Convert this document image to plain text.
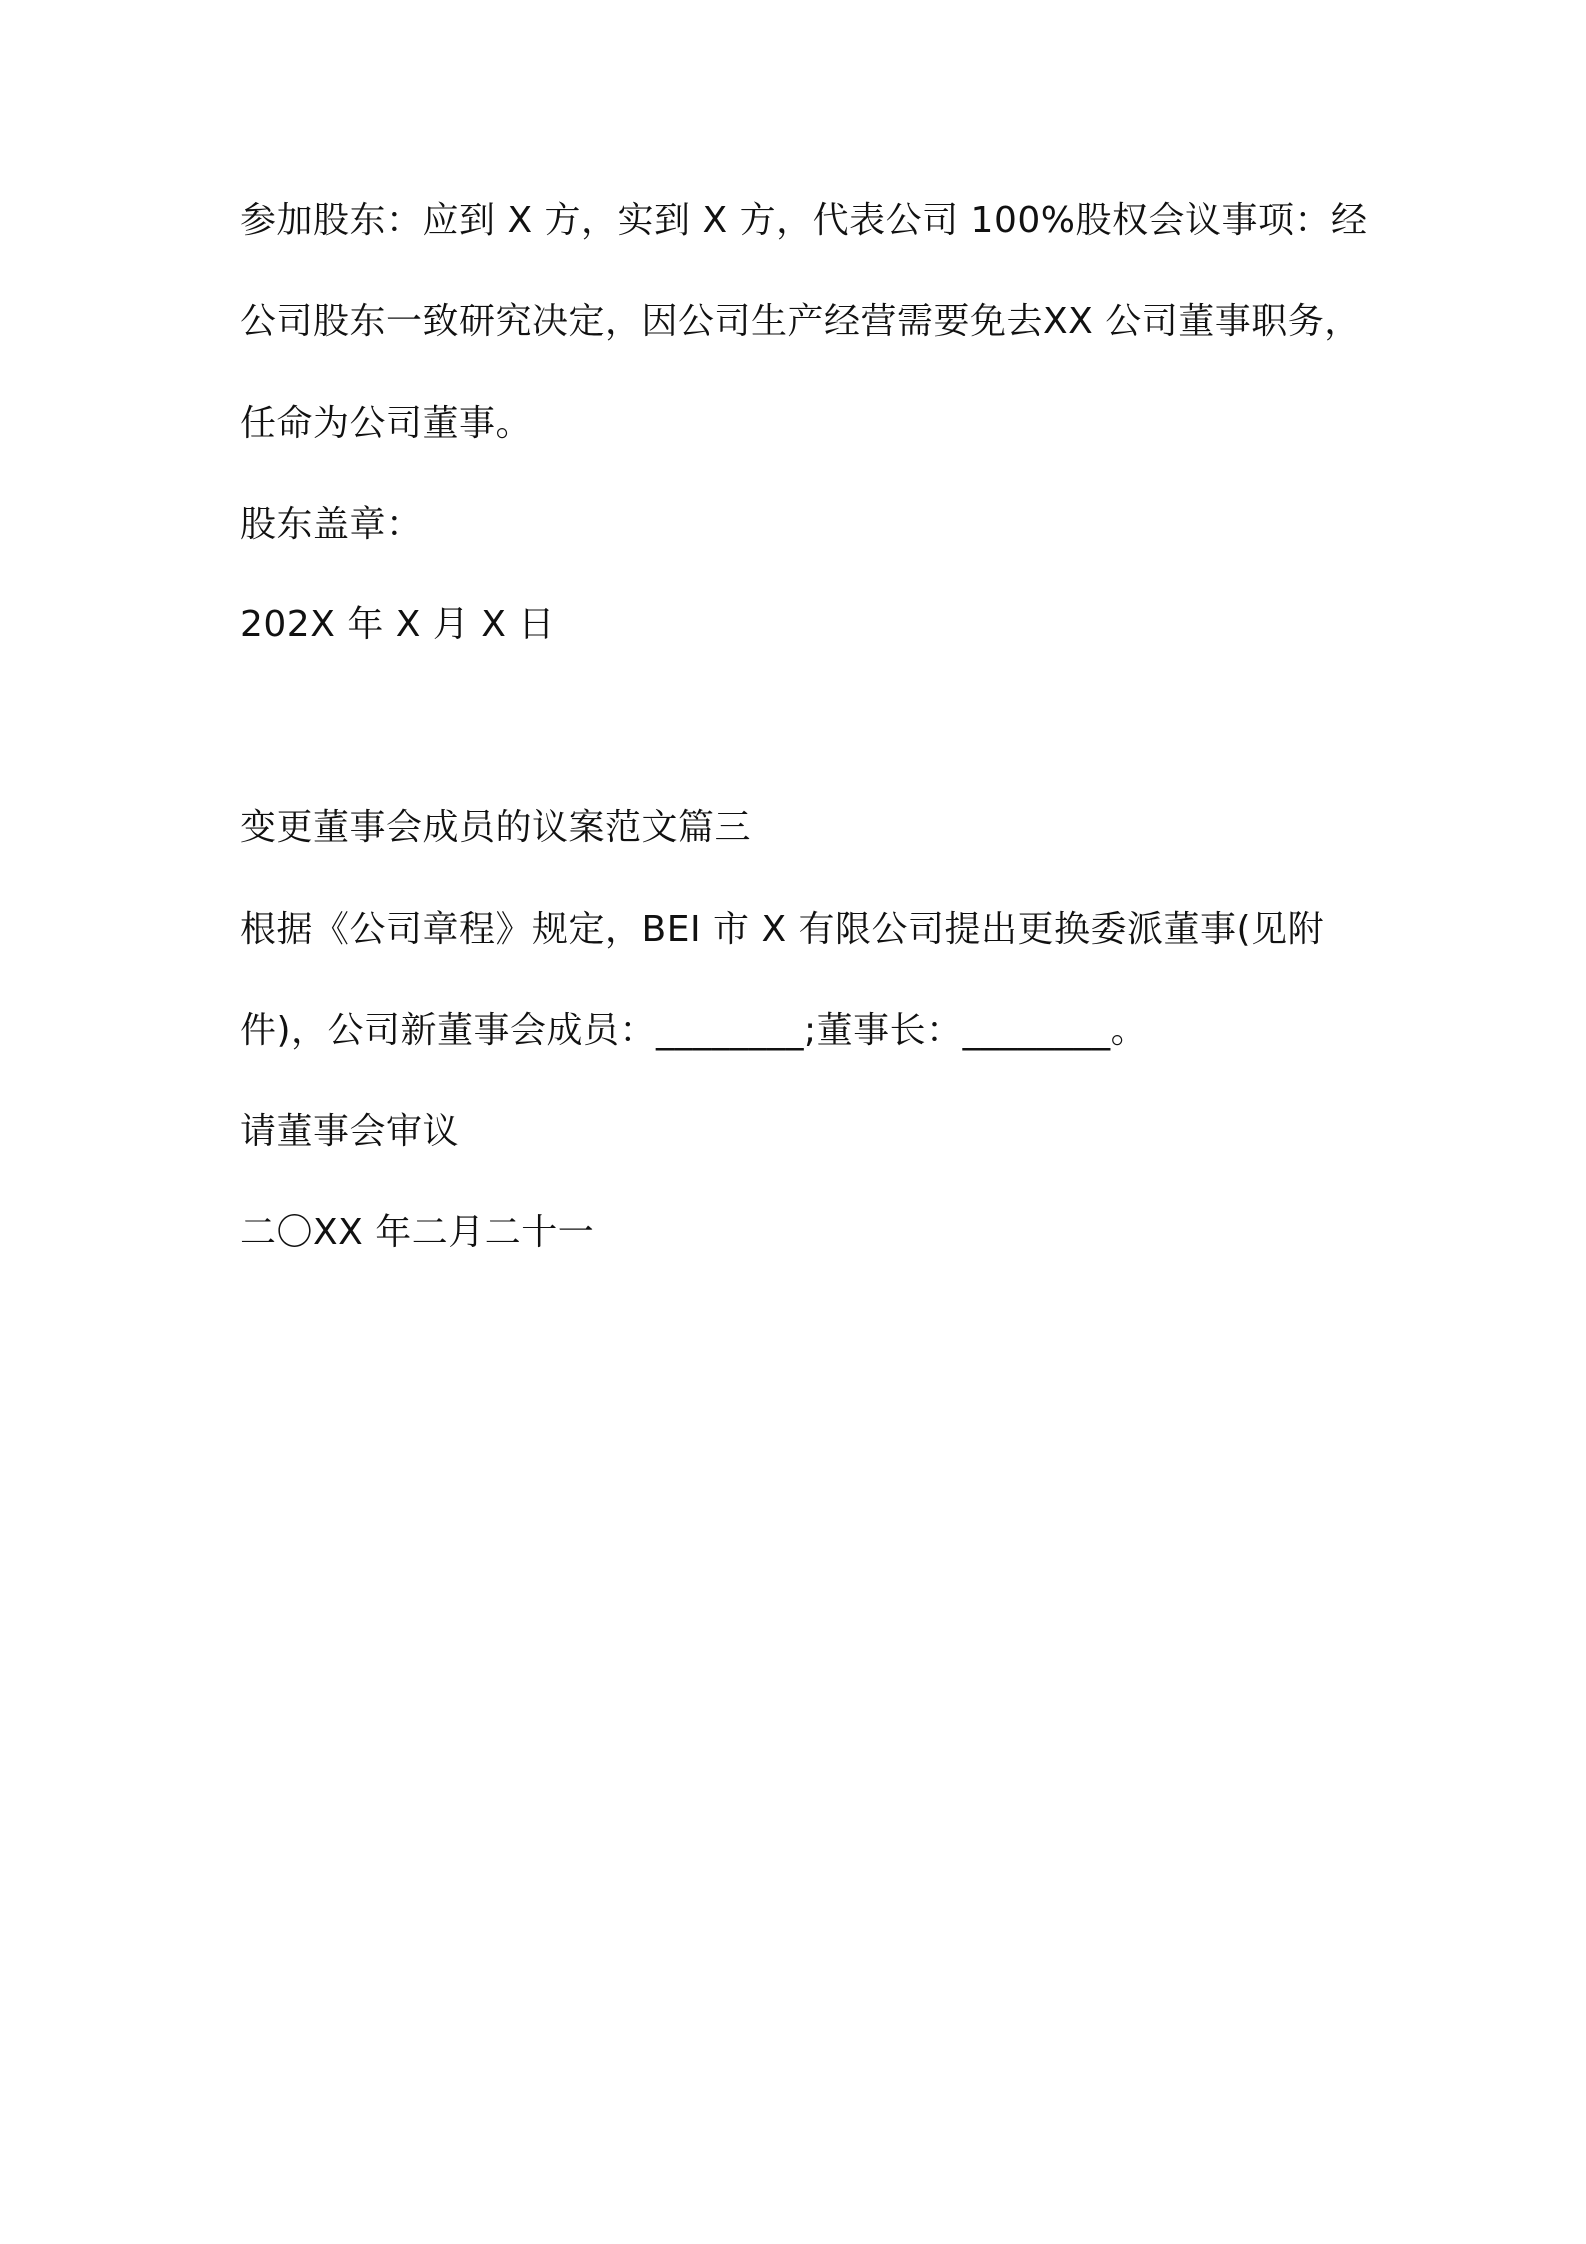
参加股东：应到 X 方，实到 X 方，代表公司 100%股权会议事项：经

公司股东一致研究决定，因公司生产经营需要免去XX 公司董事职务，

任命为公司董事。

股东盖章：

202X 年 X 月 X 日

变更董事会成员的议案范文篇三

根据《公司章程》规定，BEI 市 X 有限公司提出更换委派董事(见附

件)，公司新董事会成员：________;董事长：________。

请董事会审议

二〇XX 年二月二十一
